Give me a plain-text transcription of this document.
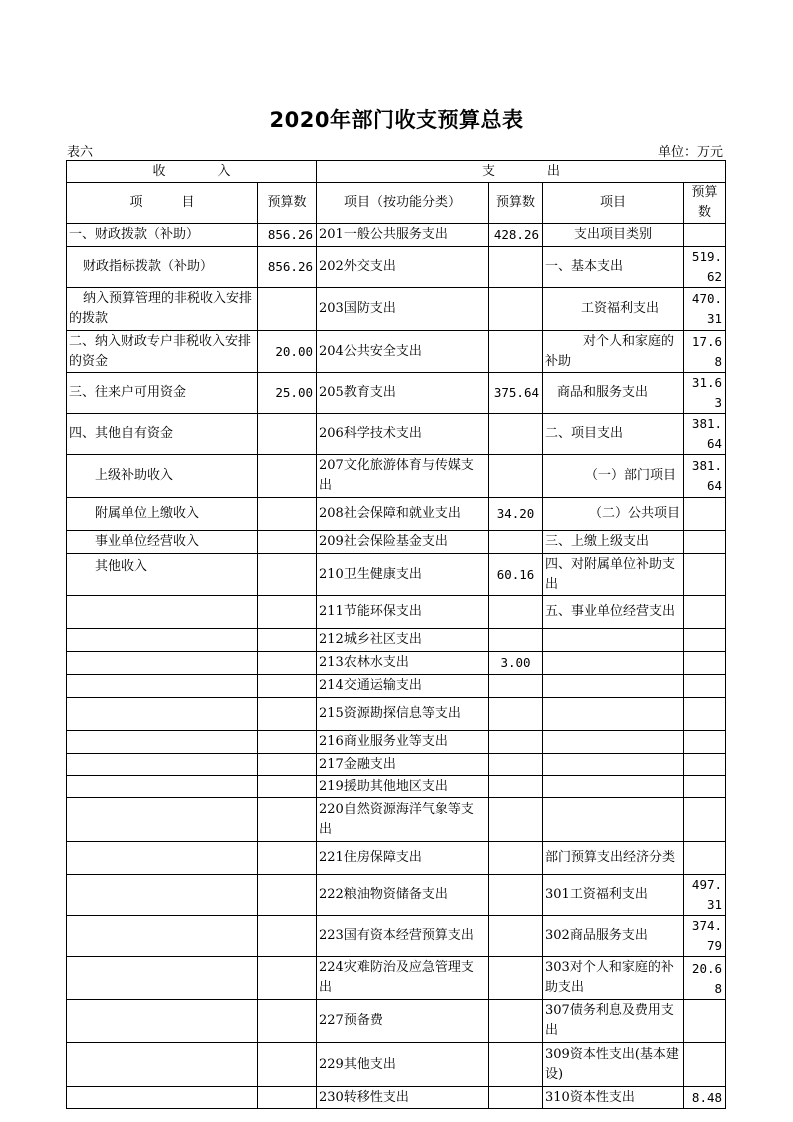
2020年部门收支预算总表
表六	单位：万元
收　　　　入		支　　　　出			
项　　　目	预算数	项目（按功能分类）	预算数	项目	预算数
一、财政拨款（补助）	856.26	201一般公共服务支出	428.26	支出项目类别	
财政指标拨款（补助）	856.26	202外交支出		一、基本支出	519.62
纳入预算管理的非税收入安排的拨款		203国防支出		工资福利支出	470.31
二、纳入财政专户非税收入安排的资金	20.00	204公共安全支出		对个人和家庭的补助	17.68
三、往来户可用资金	25.00	205教育支出	375.64	商品和服务支出	31.63
四、其他自有资金		206科学技术支出		二、项目支出	381.64
上级补助收入		207文化旅游体育与传媒支出		（一）部门项目	381.64
附属单位上缴收入		208社会保障和就业支出	34.20	（二）公共项目	
事业单位经营收入		209社会保险基金支出		三、上缴上级支出	
其他收入		210卫生健康支出	60.16	四、对附属单位补助支出	
		211节能环保支出		五、事业单位经营支出	
		212城乡社区支出			
		213农林水支出	3.00		
		214交通运输支出			
		215资源勘探信息等支出			
		216商业服务业等支出			
		217金融支出			
		219援助其他地区支出			
		220自然资源海洋气象等支出			
		221住房保障支出		部门预算支出经济分类	
		222粮油物资储备支出		301工资福利支出	497.31
		223国有资本经营预算支出		302商品服务支出	374.79
		224灾难防治及应急管理支出		303对个人和家庭的补助支出	20.68
		227预备费		307债务利息及费用支出	
		229其他支出		309资本性支出(基本建设)	
		230转移性支出		310资本性支出	8.48
